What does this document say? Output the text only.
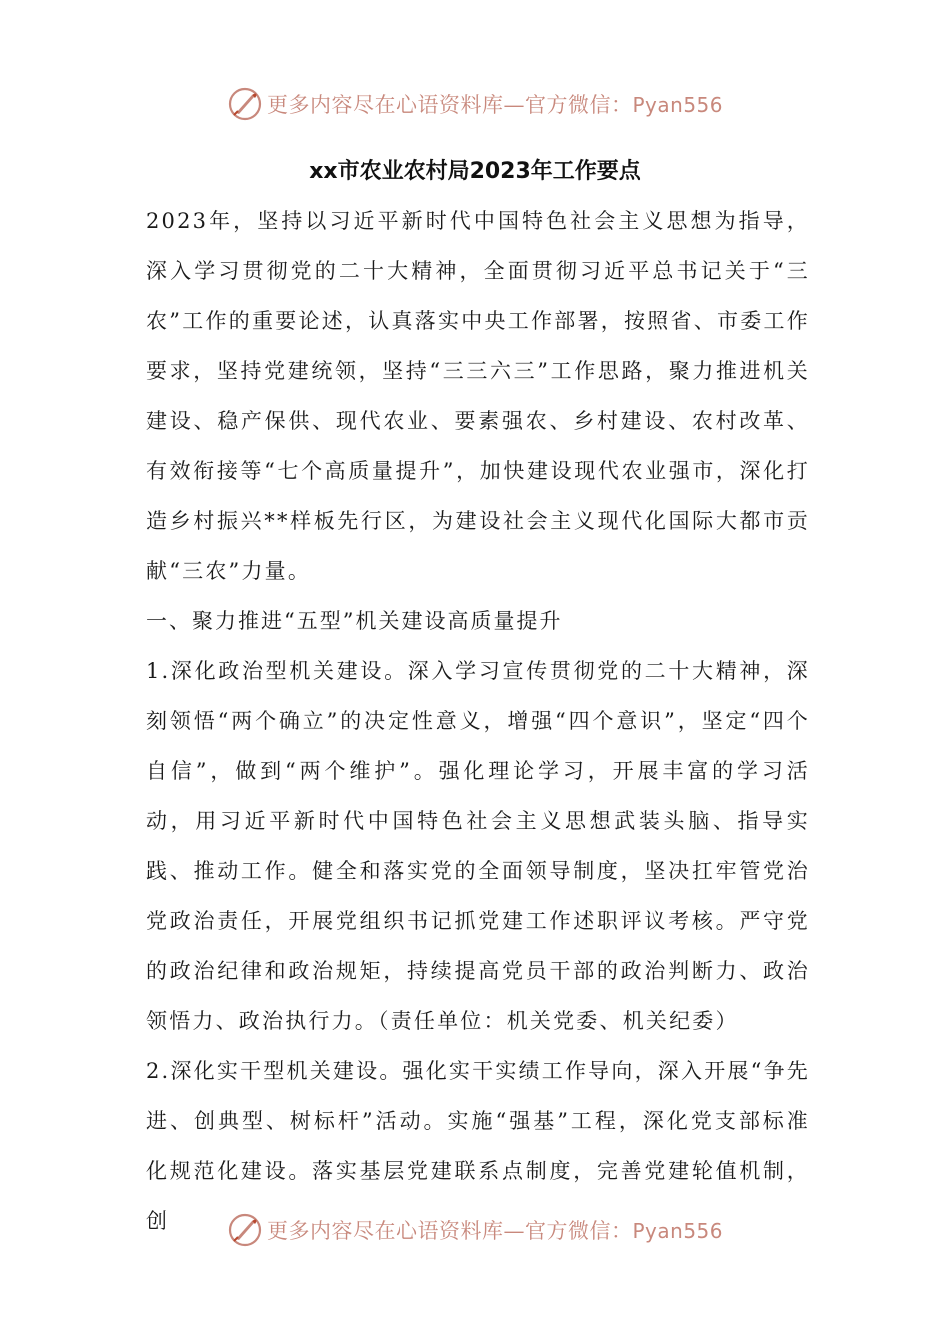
更多内容尽在心语资料库—官方微信：Pyan556
xx市农业农村局2023年工作要点

2023年，坚持以习近平新时代中国特色社会主义思想为指导，深入学习贯彻党的二十大精神，全面贯彻习近平总书记关于“三农”工作的重要论述，认真落实中央工作部署，按照省、市委工作要求，坚持党建统领，坚持“三三六三”工作思路，聚力推进机关建设、稳产保供、现代农业、要素强农、乡村建设、农村改革、有效衔接等“七个高质量提升”，加快建设现代农业强市，深化打造乡村振兴**样板先行区，为建设社会主义现代化国际大都市贡献“三农”力量。

一、聚力推进“五型”机关建设高质量提升

1.深化政治型机关建设。深入学习宣传贯彻党的二十大精神，深刻领悟“两个确立”的决定性意义，增强“四个意识”，坚定“四个自信”，做到“两个维护”。强化理论学习，开展丰富的学习活动，用习近平新时代中国特色社会主义思想武装头脑、指导实践、推动工作。健全和落实党的全面领导制度，坚决扛牢管党治党政治责任，开展党组织书记抓党建工作述职评议考核。严守党的政治纪律和政治规矩，持续提高党员干部的政治判断力、政治领悟力、政治执行力。（责任单位：机关党委、机关纪委）

2.深化实干型机关建设。强化实干实绩工作导向，深入开展“争先进、创典型、树标杆”活动。实施“强基”工程，深化党支部标准化规范化建设。落实基层党建联系点制度，完善党建轮值机制，创	更多内容尽在心语资料库—官方微信：Pyan556
